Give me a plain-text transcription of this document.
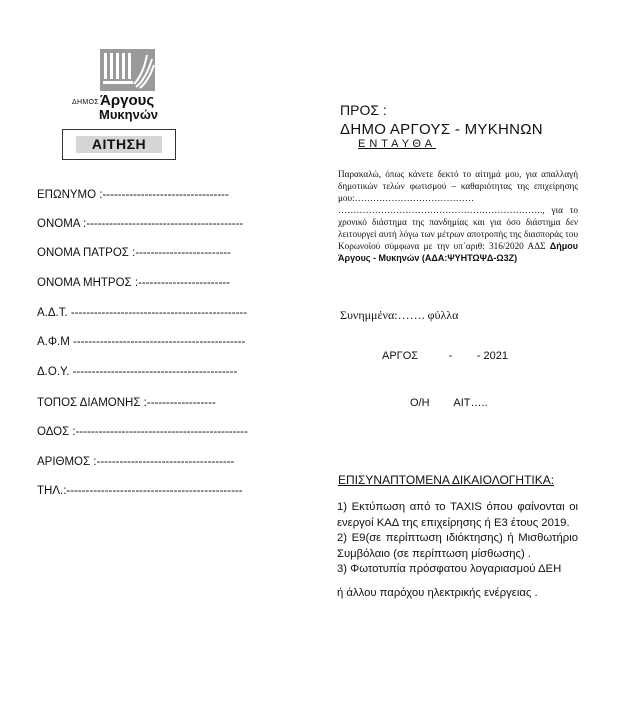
ΔΗΜΟΣ Άργους
Μυκηνών
ΑΙΤΗΣΗ
ΕΠΩΝΥΜΟ :---------------------------------
ΟΝΟΜΑ :-----------------------------------------
ΟΝΟΜΑ ΠΑΤΡΟΣ :-------------------------
ΟΝΟΜΑ ΜΗΤΡΟΣ :------------------------
Α.Δ.Τ. ----------------------------------------------
Α.Φ.Μ ---------------------------------------------
Δ.Ο.Υ. -------------------------------------------
ΤΟΠΟΣ ΔΙΑΜΟΝΗΣ :------------------
ΟΔΟΣ :---------------------------------------------
ΑΡΙΘΜΟΣ :------------------------------------
ΤΗΛ.:----------------------------------------------
ΠΡΟΣ :
ΔΗΜΟ ΑΡΓΟΥΣ - ΜΥΚΗΝΩΝ
ΕΝΤΑΥΘΑ
Παρακαλώ, όπως κάνετε δεκτό το αίτημά μου, για απαλλαγή δημοτικών τελών φωτισμού – καθαριότητας της επιχείρησης μου:………………………………… …………………………………………………………., για το χρονικό διάστημα της πανδημίας και για όσο διάστημα δεν λειτουργεί αυτή λόγω των μέτρων αποτροπής της διασποράς του Κορωνοϊού σύμφωνα με την υπ΄αριθ: 316/2020 ΑΔΣ Δήμου Άργους - Μυκηνών (ΑΔΑ:ΨΥΗΤΩΨΔ-Ω3Ζ)
Συνημμένα:……. φύλλα
ΑΡΓΟΣ          -        - 2021
Ο/Η        ΑΙΤ…..
ΕΠΙΣΥΝΑΠΤΟΜΕΝΑ ΔΙΚΑΙΟΛΟΓΗΤΙΚΑ:

1) Εκτύπωση από το TAXIS όπου φαίνονται οι ενεργοί ΚΑΔ της επιχείρησης ή Ε3 έτους 2019.

2) Ε9(σε περίπτωση ιδιόκτησης) ή Μισθωτήριο Συμβόλαιο (σε περίπτωση μίσθωσης) .

3) Φωτοτυπία πρόσφατου λογαριασμού ΔΕΗ

ή άλλου παρόχου ηλεκτρικής ενέργειας .
